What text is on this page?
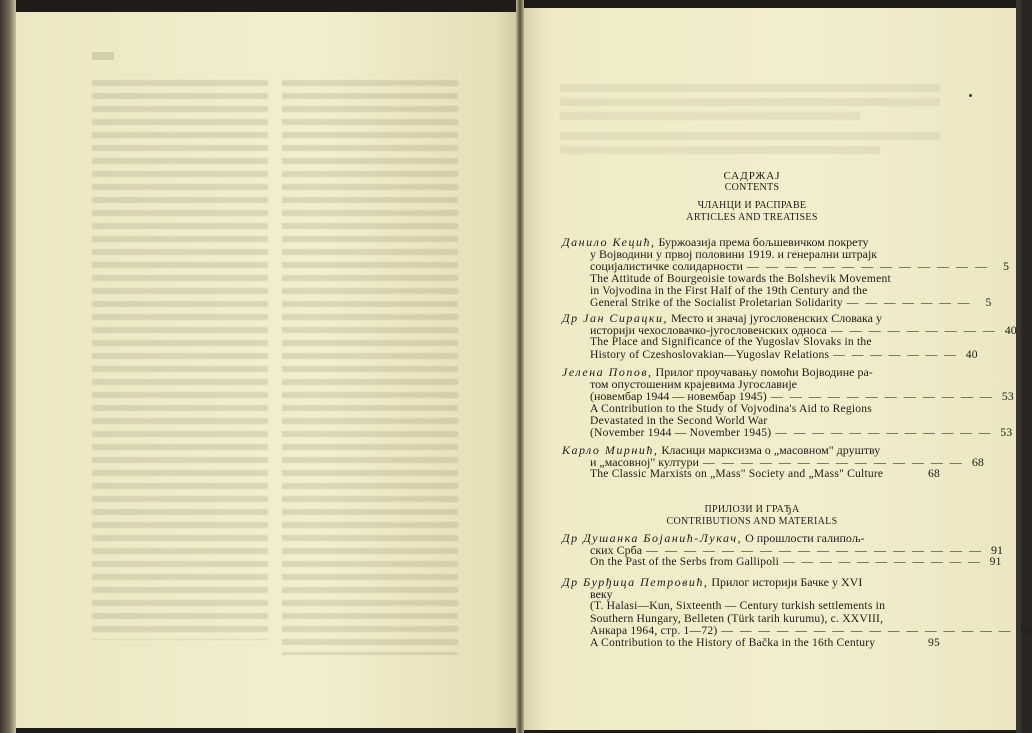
САДРЖАЈ

CONTENTS

ЧЛАНЦИ И РАСПРАВЕ

ARTICLES AND TREATISES

Данило Кецић, Буржоазија према бољшевичком покрету
у Војводини у првој половини 1919. и генерални штрајк
социјалистичке солидарности — — — — — — — — — — — — —	5
The Attitude of Bourgeoisie towards the Bolshevik Movement
in Vojvodina in the First Half of the 19th Century and the
General Strike of the Socialist Proletarian Solidarity — — — — — — —	5
Др Јан Сирацки, Место и значај југословенских Словака у
историји чехословачко-југословенских односа — — — — — — — — — 40
The Place and Significance of the Yugoslav Slovaks in the
History of Czeshoslovakian—Yugoslav Relations — — — — — — — 40
Јелена Попов, Прилог проучавању помоћи Војводине ра-
том опустошеним крајевима Југославије
(новембар 1944 — новембар 1945) — — — — — — — — — — — — 53
A Contribution to the Study of Vojvodina's Aid to Regions
Devastated in the Second World War
(November 1944 — November 1945) — — — — — — — — — — — — 53
Карло Мирнић, Класици марксизма о „масовном" друштву
и „масовној" култури — — — — — — — — — — — — — — 68
The Classic Marxists on „Mass" Society and „Mass" Culture	68

ПРИЛОЗИ И ГРАЂА

CONTRIBUTIONS AND MATERIALS

Др Душанка Бојанић-Лукач, О прошлости галипољ-
ских Срба — — — — — — — — — — — — — — — — — — 91
On the Past of the Serbs from Gallipoli — — — — — — — — — — — 91
Др Бурђица Петровић, Прилог историји Бачке у XVI
веку
(T. Halasi—Kun, Sixteenth — Century turkish settlements in
Southern Hungary, Belleten (Türk tarih kurumu), c. XXVIII,
Анкара 1964, стр. 1—72) — — — — — — — — — — — — — — — — 95
A Contribution to the History of Bačka in the 16th Century	95
